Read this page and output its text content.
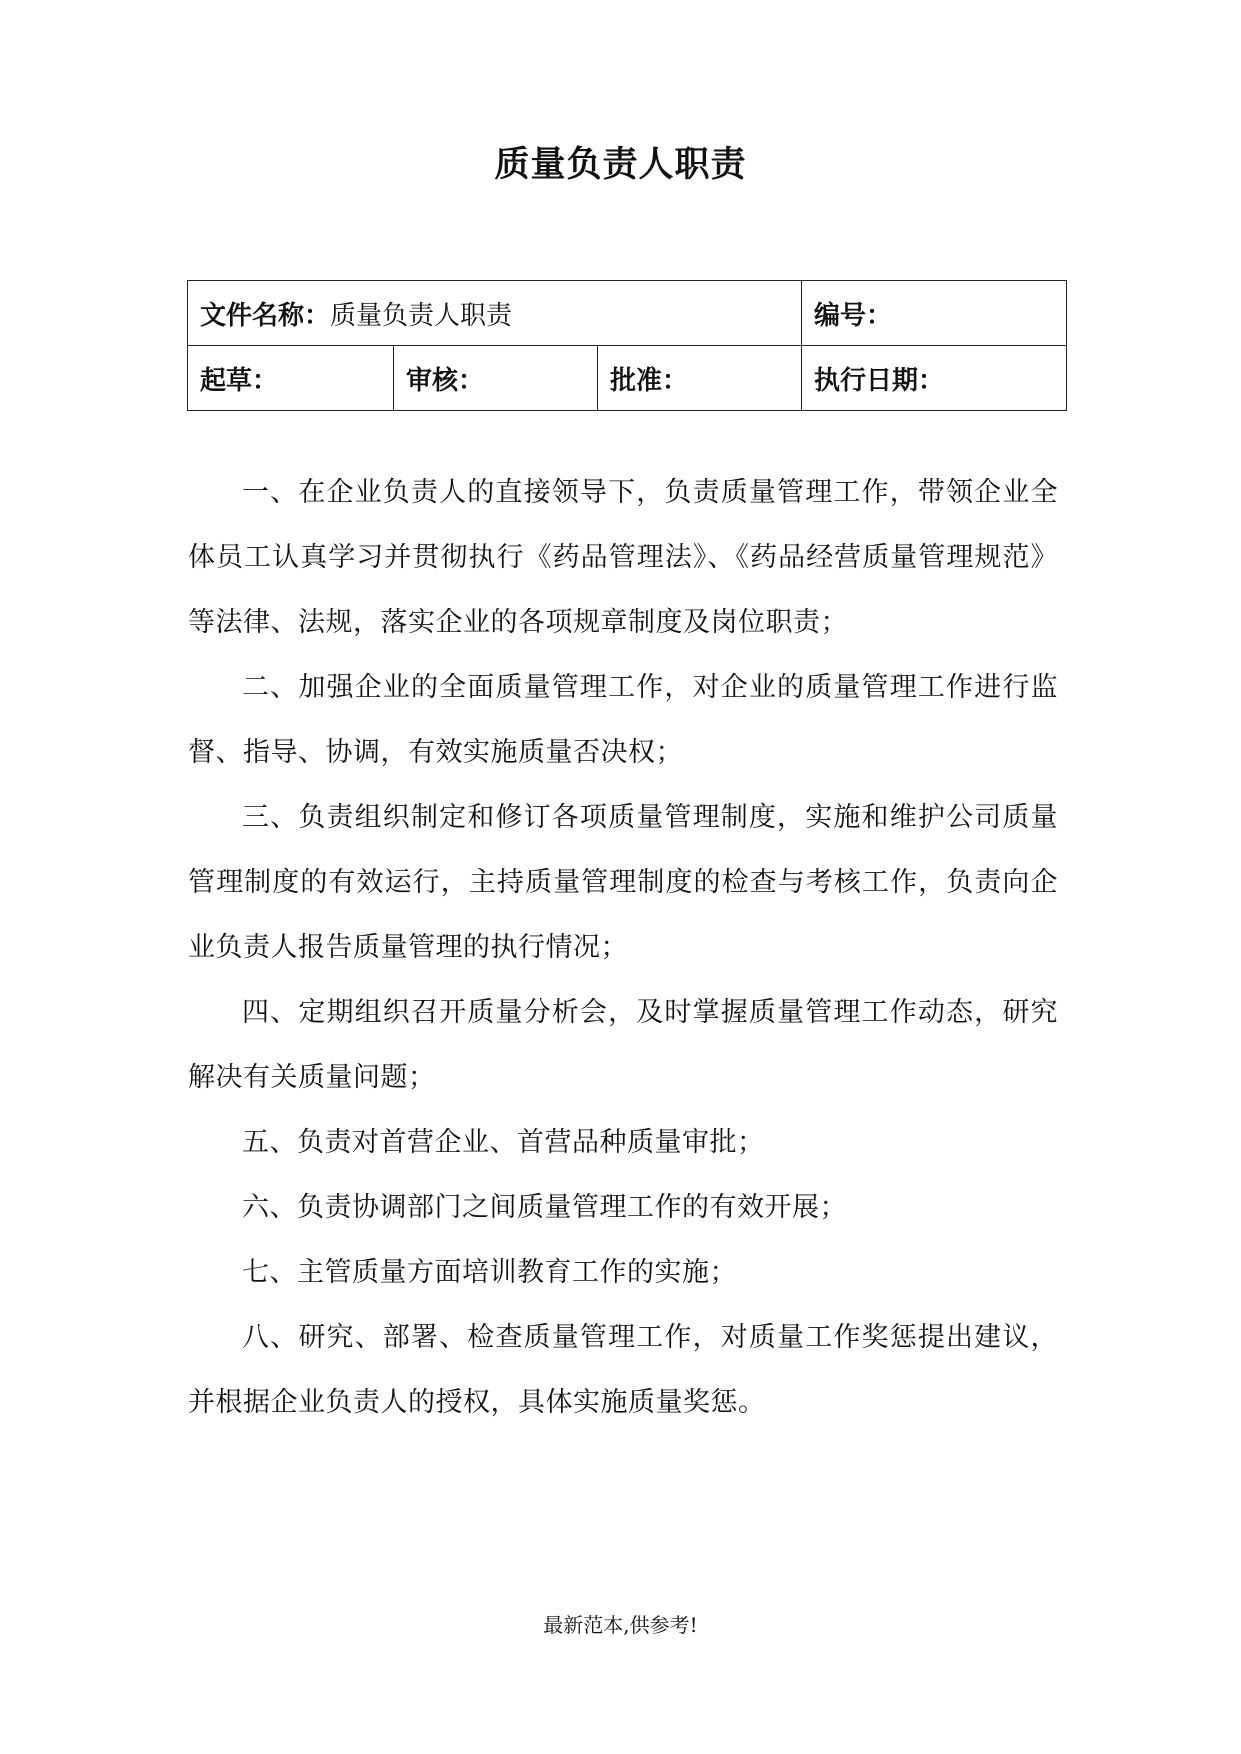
质量负责人职责
文件名称：质量负责人职责			编号：
起草：	审核：	批准：	执行日期：

一、在企业负责人的直接领导下，负责质量管理工作，带领企业全体员工认真学习并贯彻执行《药品管理法》、《药品经营质量管理规范》等法律、法规，落实企业的各项规章制度及岗位职责；

二、加强企业的全面质量管理工作，对企业的质量管理工作进行监督、指导、协调，有效实施质量否决权；

三、负责组织制定和修订各项质量管理制度，实施和维护公司质量管理制度的有效运行，主持质量管理制度的检查与考核工作，负责向企业负责人报告质量管理的执行情况；

四、定期组织召开质量分析会，及时掌握质量管理工作动态，研究解决有关质量问题；

五、负责对首营企业、首营品种质量审批；

六、负责协调部门之间质量管理工作的有效开展；

七、主管质量方面培训教育工作的实施；

八、研究、部署、检查质量管理工作，对质量工作奖惩提出建议，并根据企业负责人的授权，具体实施质量奖惩。

最新范本,供参考!
